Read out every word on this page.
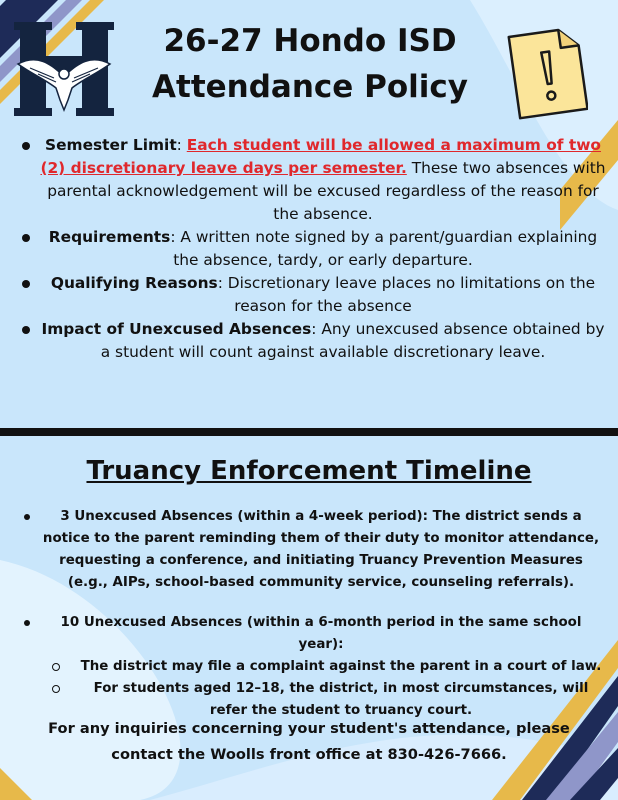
26-27 Hondo ISD
Attendance Policy
Semester Limit: Each student will be allowed a maximum of two (2) discretionary leave days per semester. These two absences with parental acknowledgement will be excused regardless of the reason for the absence.
Requirements: A written note signed by a parent/guardian explaining the absence, tardy, or early departure.
Qualifying Reasons: Discretionary leave places no limitations on the reason for the absence
Impact of Unexcused Absences: Any unexcused absence obtained by a student will count against available discretionary leave.
Truancy Enforcement Timeline
3 Unexcused Absences (within a 4-week period): The district sends a notice to the parent reminding them of their duty to monitor attendance, requesting a conference, and initiating Truancy Prevention Measures (e.g., AIPs, school-based community service, counseling referrals).
10 Unexcused Absences (within a 6-month period in the same school year):
The district may file a complaint against the parent in a court of law.
For students aged 12–18, the district, in most circumstances, will refer the student to truancy court.

For any inquiries concerning your student's attendance, please contact the Woolls front office at 830-426-7666.
